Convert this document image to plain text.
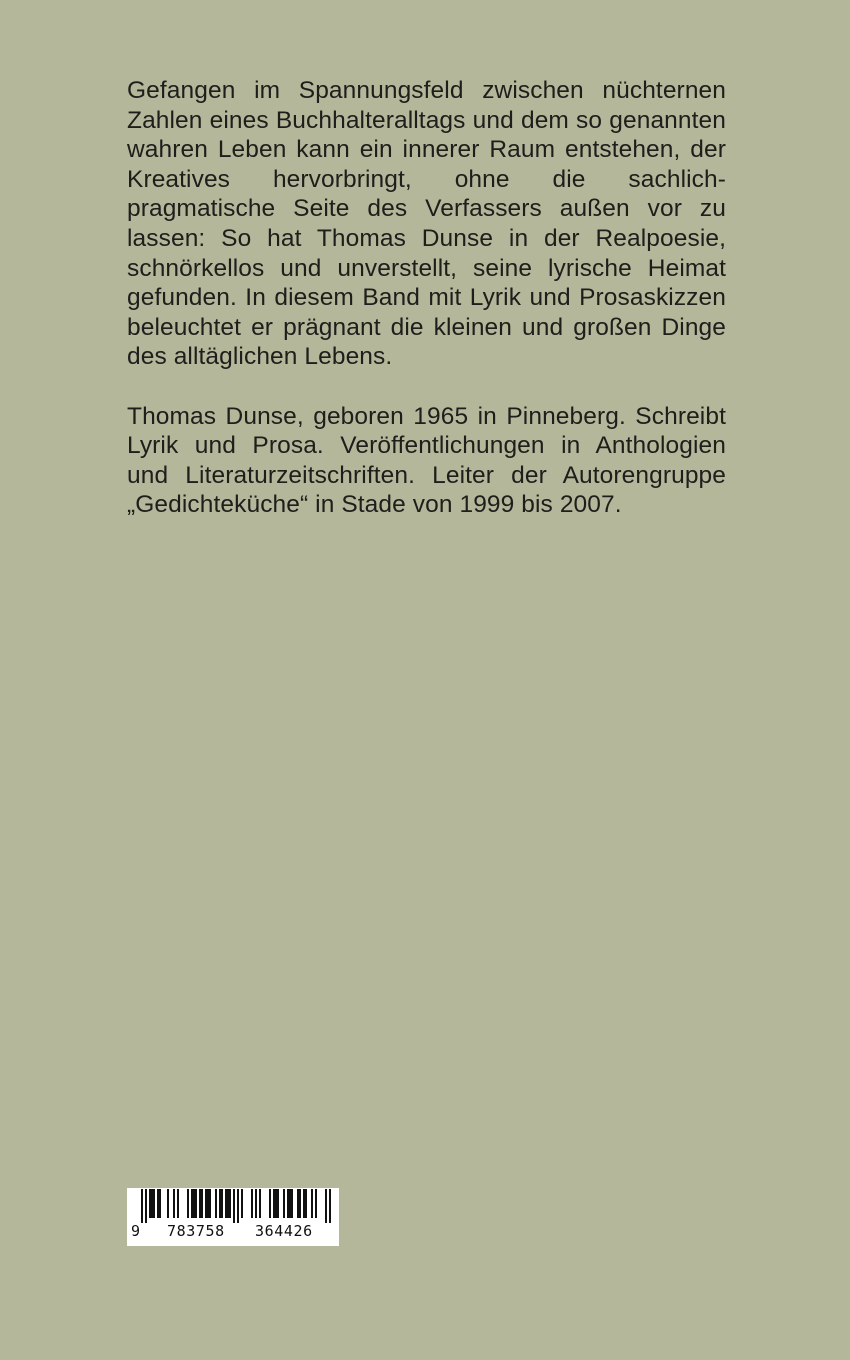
Gefangen im Spannungsfeld zwischen nüchternen Zahlen eines Buchhalteralltags und dem so genannten wahren Leben kann ein innerer Raum entstehen, der Kreatives hervorbringt, ohne die sachlich-pragmatische Seite des Verfassers außen vor zu lassen: So hat Thomas Dunse in der Realpoesie, schnörkellos und unverstellt, seine lyrische Heimat gefunden. In diesem Band mit Lyrik und Prosaskizzen beleuchtet er prägnant die kleinen und großen Dinge des alltäglichen Lebens.

Thomas Dunse, geboren 1965 in Pinneberg. Schreibt Lyrik und Prosa. Veröffentlichungen in Anthologien und Literaturzeitschriften. Leiter der Autorengruppe „Gedichteküche“ in Stade von 1999 bis 2007.

9 783758 364426
